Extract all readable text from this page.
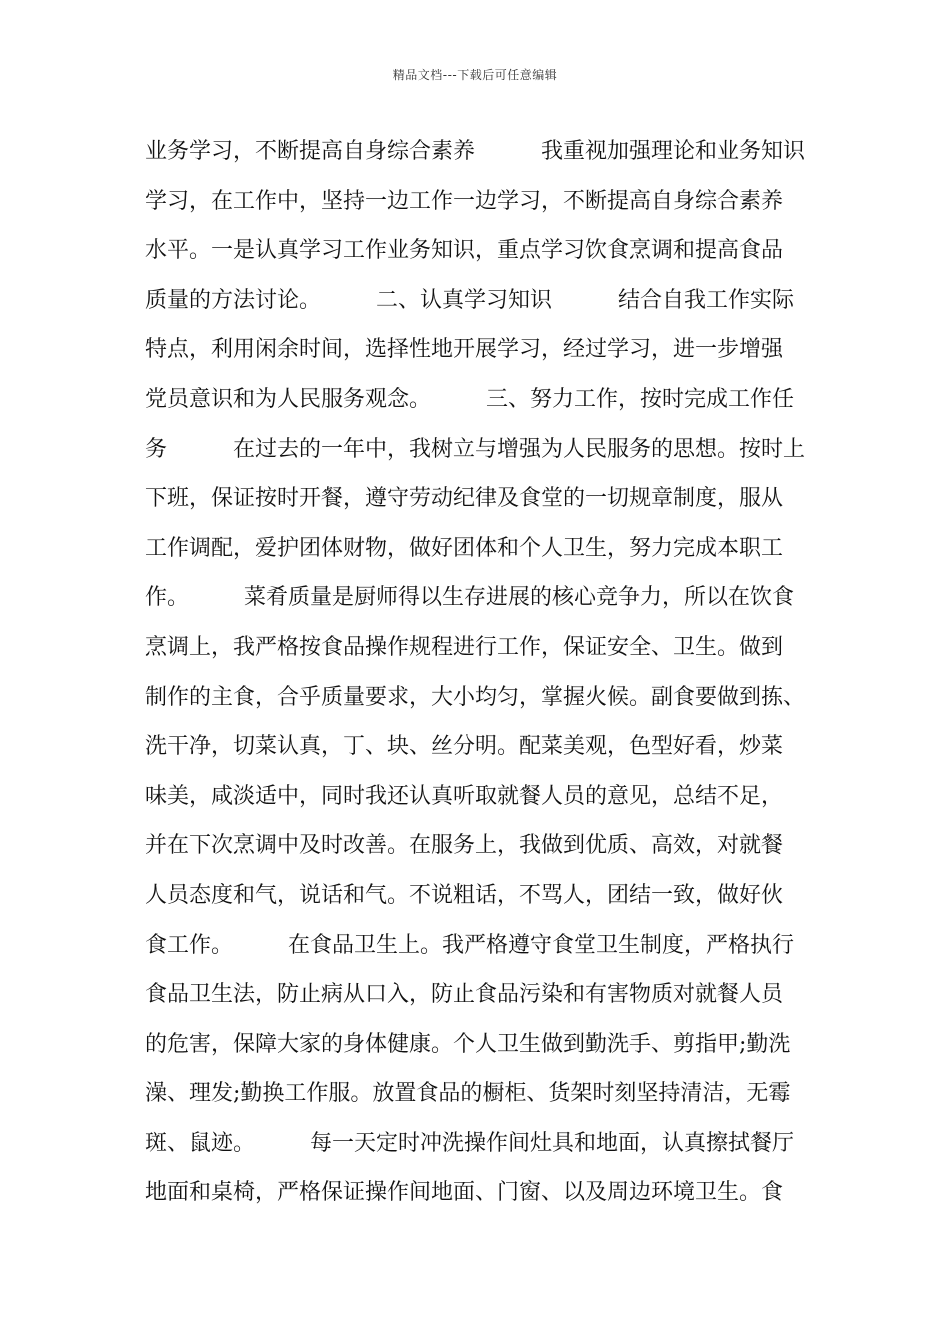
精品文档---下载后可任意编辑
业务学习，不断提高自身综合素养　　　我重视加强理论和业务知识
学习，在工作中，坚持一边工作一边学习，不断提高自身综合素养
水平。一是认真学习工作业务知识，重点学习饮食烹调和提高食品
质量的方法讨论。　　　二、认真学习知识　　　结合自我工作实际
特点，利用闲余时间，选择性地开展学习，经过学习，进一步增强
党员意识和为人民服务观念。　　　三、努力工作，按时完成工作任
务　　　在过去的一年中，我树立与增强为人民服务的思想。按时上
下班，保证按时开餐，遵守劳动纪律及食堂的一切规章制度，服从
工作调配，爱护团体财物，做好团体和个人卫生，努力完成本职工
作。　　　菜肴质量是厨师得以生存进展的核心竞争力，所以在饮食
烹调上，我严格按食品操作规程进行工作，保证安全、卫生。做到
制作的主食，合乎质量要求，大小均匀，掌握火候。副食要做到拣、
洗干净，切菜认真，丁、块、丝分明。配菜美观，色型好看，炒菜
味美，咸淡适中，同时我还认真听取就餐人员的意见，总结不足，
并在下次烹调中及时改善。在服务上，我做到优质、高效，对就餐
人员态度和气，说话和气。不说粗话，不骂人，团结一致，做好伙
食工作。　　　在食品卫生上。我严格遵守食堂卫生制度，严格执行
食品卫生法，防止病从口入，防止食品污染和有害物质对就餐人员
的危害，保障大家的身体健康。个人卫生做到勤洗手、剪指甲;勤洗
澡、理发;勤换工作服。放置食品的橱柜、货架时刻坚持清洁，无霉
斑、鼠迹。　　　每一天定时冲洗操作间灶具和地面，认真擦拭餐厅
地面和桌椅，严格保证操作间地面、门窗、以及周边环境卫生。食
